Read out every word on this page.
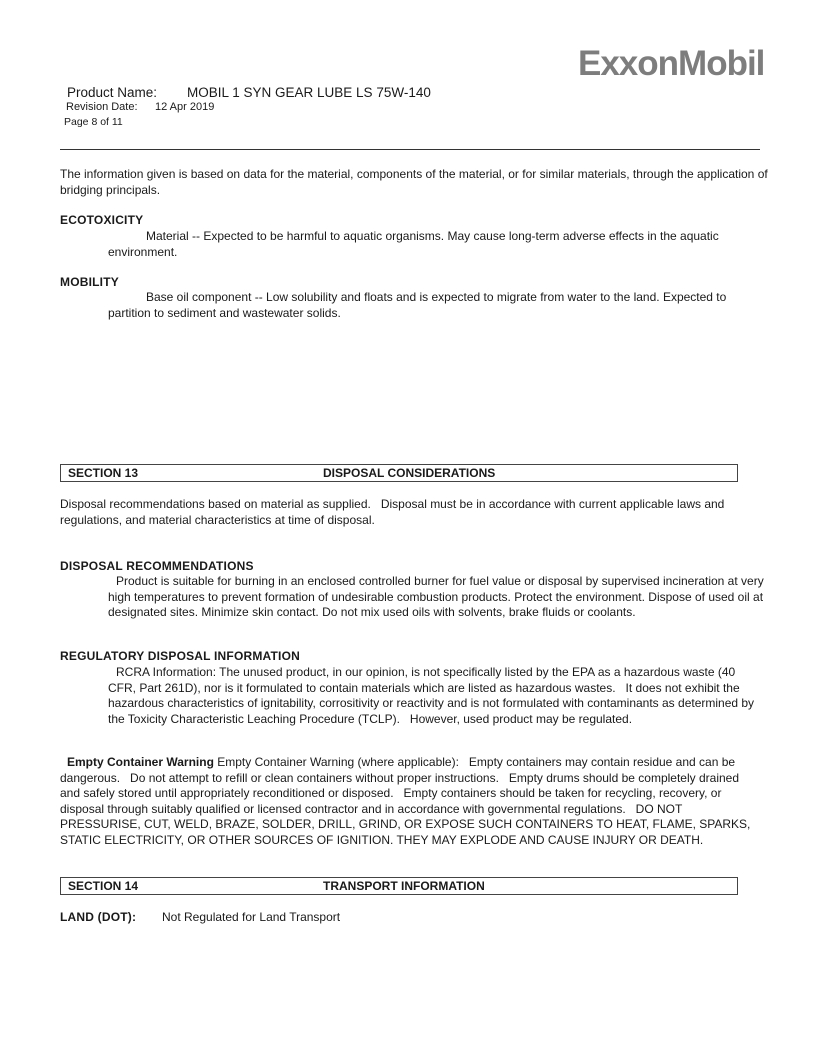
ExxonMobil
Product Name: MOBIL 1 SYN GEAR LUBE LS 75W-140
Revision Date: 12 Apr 2019
Page 8 of 11
The information given is based on data for the material, components of the material, or for similar materials, through the application of bridging principals.
ECOTOXICITY
Material -- Expected to be harmful to aquatic organisms. May cause long-term adverse effects in the aquatic environment.
MOBILITY
Base oil component -- Low solubility and floats and is expected to migrate from water to the land. Expected to partition to sediment and wastewater solids.
SECTION 13	DISPOSAL CONSIDERATIONS
Disposal recommendations based on material as supplied.   Disposal must be in accordance with current applicable laws and regulations, and material characteristics at time of disposal.
DISPOSAL RECOMMENDATIONS
Product is suitable for burning in an enclosed controlled burner for fuel value or disposal by supervised incineration at very high temperatures to prevent formation of undesirable combustion products. Protect the environment. Dispose of used oil at designated sites. Minimize skin contact. Do not mix used oils with solvents, brake fluids or coolants.
REGULATORY DISPOSAL INFORMATION
RCRA Information: The unused product, in our opinion, is not specifically listed by the EPA as a hazardous waste (40 CFR, Part 261D), nor is it formulated to contain materials which are listed as hazardous wastes.   It does not exhibit the hazardous characteristics of ignitability, corrositivity or reactivity and is not formulated with contaminants as determined by the Toxicity Characteristic Leaching Procedure (TCLP).   However, used product may be regulated.
Empty Container Warning Empty Container Warning (where applicable):   Empty containers may contain residue and can be dangerous.   Do not attempt to refill or clean containers without proper instructions.   Empty drums should be completely drained and safely stored until appropriately reconditioned or disposed.   Empty containers should be taken for recycling, recovery, or disposal through suitably qualified or licensed contractor and in accordance with governmental regulations.   DO NOT PRESSURISE, CUT, WELD, BRAZE, SOLDER, DRILL, GRIND, OR EXPOSE SUCH CONTAINERS TO HEAT, FLAME, SPARKS, STATIC ELECTRICITY, OR OTHER SOURCES OF IGNITION. THEY MAY EXPLODE AND CAUSE INJURY OR DEATH.
SECTION 14	TRANSPORT INFORMATION
LAND (DOT): Not Regulated for Land Transport
